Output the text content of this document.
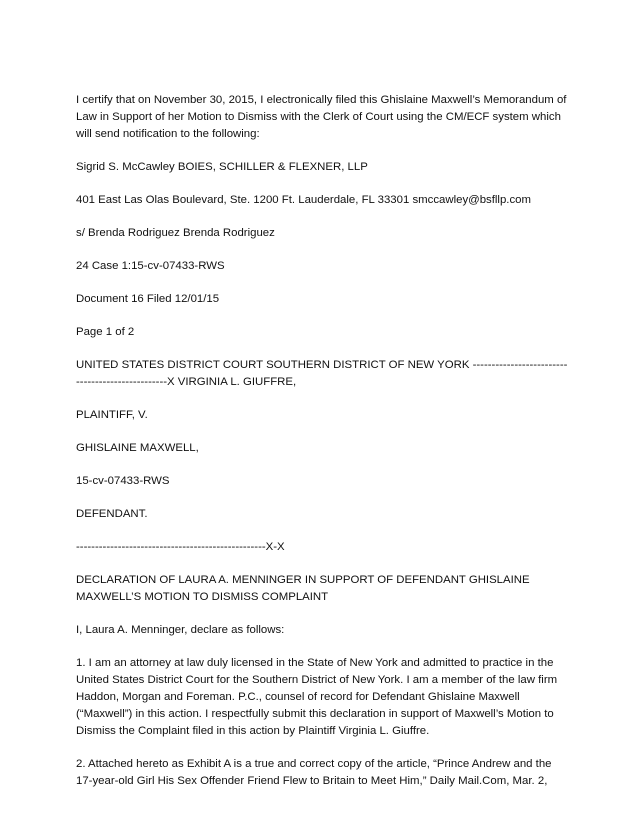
I certify that on November 30, 2015, I electronically filed this Ghislaine Maxwell’s Memorandum of Law in Support of her Motion to Dismiss with the Clerk of Court using the CM/ECF system which will send notification to the following:

Sigrid S. McCawley BOIES, SCHILLER & FLEXNER, LLP

401 East Las Olas Boulevard, Ste. 1200 Ft. Lauderdale, FL 33301 smccawley@bsfllp.com

s/ Brenda Rodriguez Brenda Rodriguez

24 Case 1:15-cv-07433-RWS

Document 16 Filed 12/01/15

Page 1 of 2

UNITED STATES DISTRICT COURT SOUTHERN DISTRICT OF NEW YORK -------------------------------------------------X VIRGINIA L. GIUFFRE,

PLAINTIFF, V.

GHISLAINE MAXWELL,

15-cv-07433-RWS

DEFENDANT.

--------------------------------------------------X-X

DECLARATION OF LAURA A. MENNINGER IN SUPPORT OF DEFENDANT GHISLAINE MAXWELL’S MOTION TO DISMISS COMPLAINT

I, Laura A. Menninger, declare as follows:

1. I am an attorney at law duly licensed in the State of New York and admitted to practice in the United States District Court for the Southern District of New York. I am a member of the law firm Haddon, Morgan and Foreman. P.C., counsel of record for Defendant Ghislaine Maxwell (“Maxwell”) in this action. I respectfully submit this declaration in support of Maxwell’s Motion to Dismiss the Complaint filed in this action by Plaintiff Virginia L. Giuffre.

2. Attached hereto as Exhibit A is a true and correct copy of the article, “Prince Andrew and the 17-year-old Girl His Sex Offender Friend Flew to Britain to Meet Him,” Daily Mail.Com, Mar. 2,
